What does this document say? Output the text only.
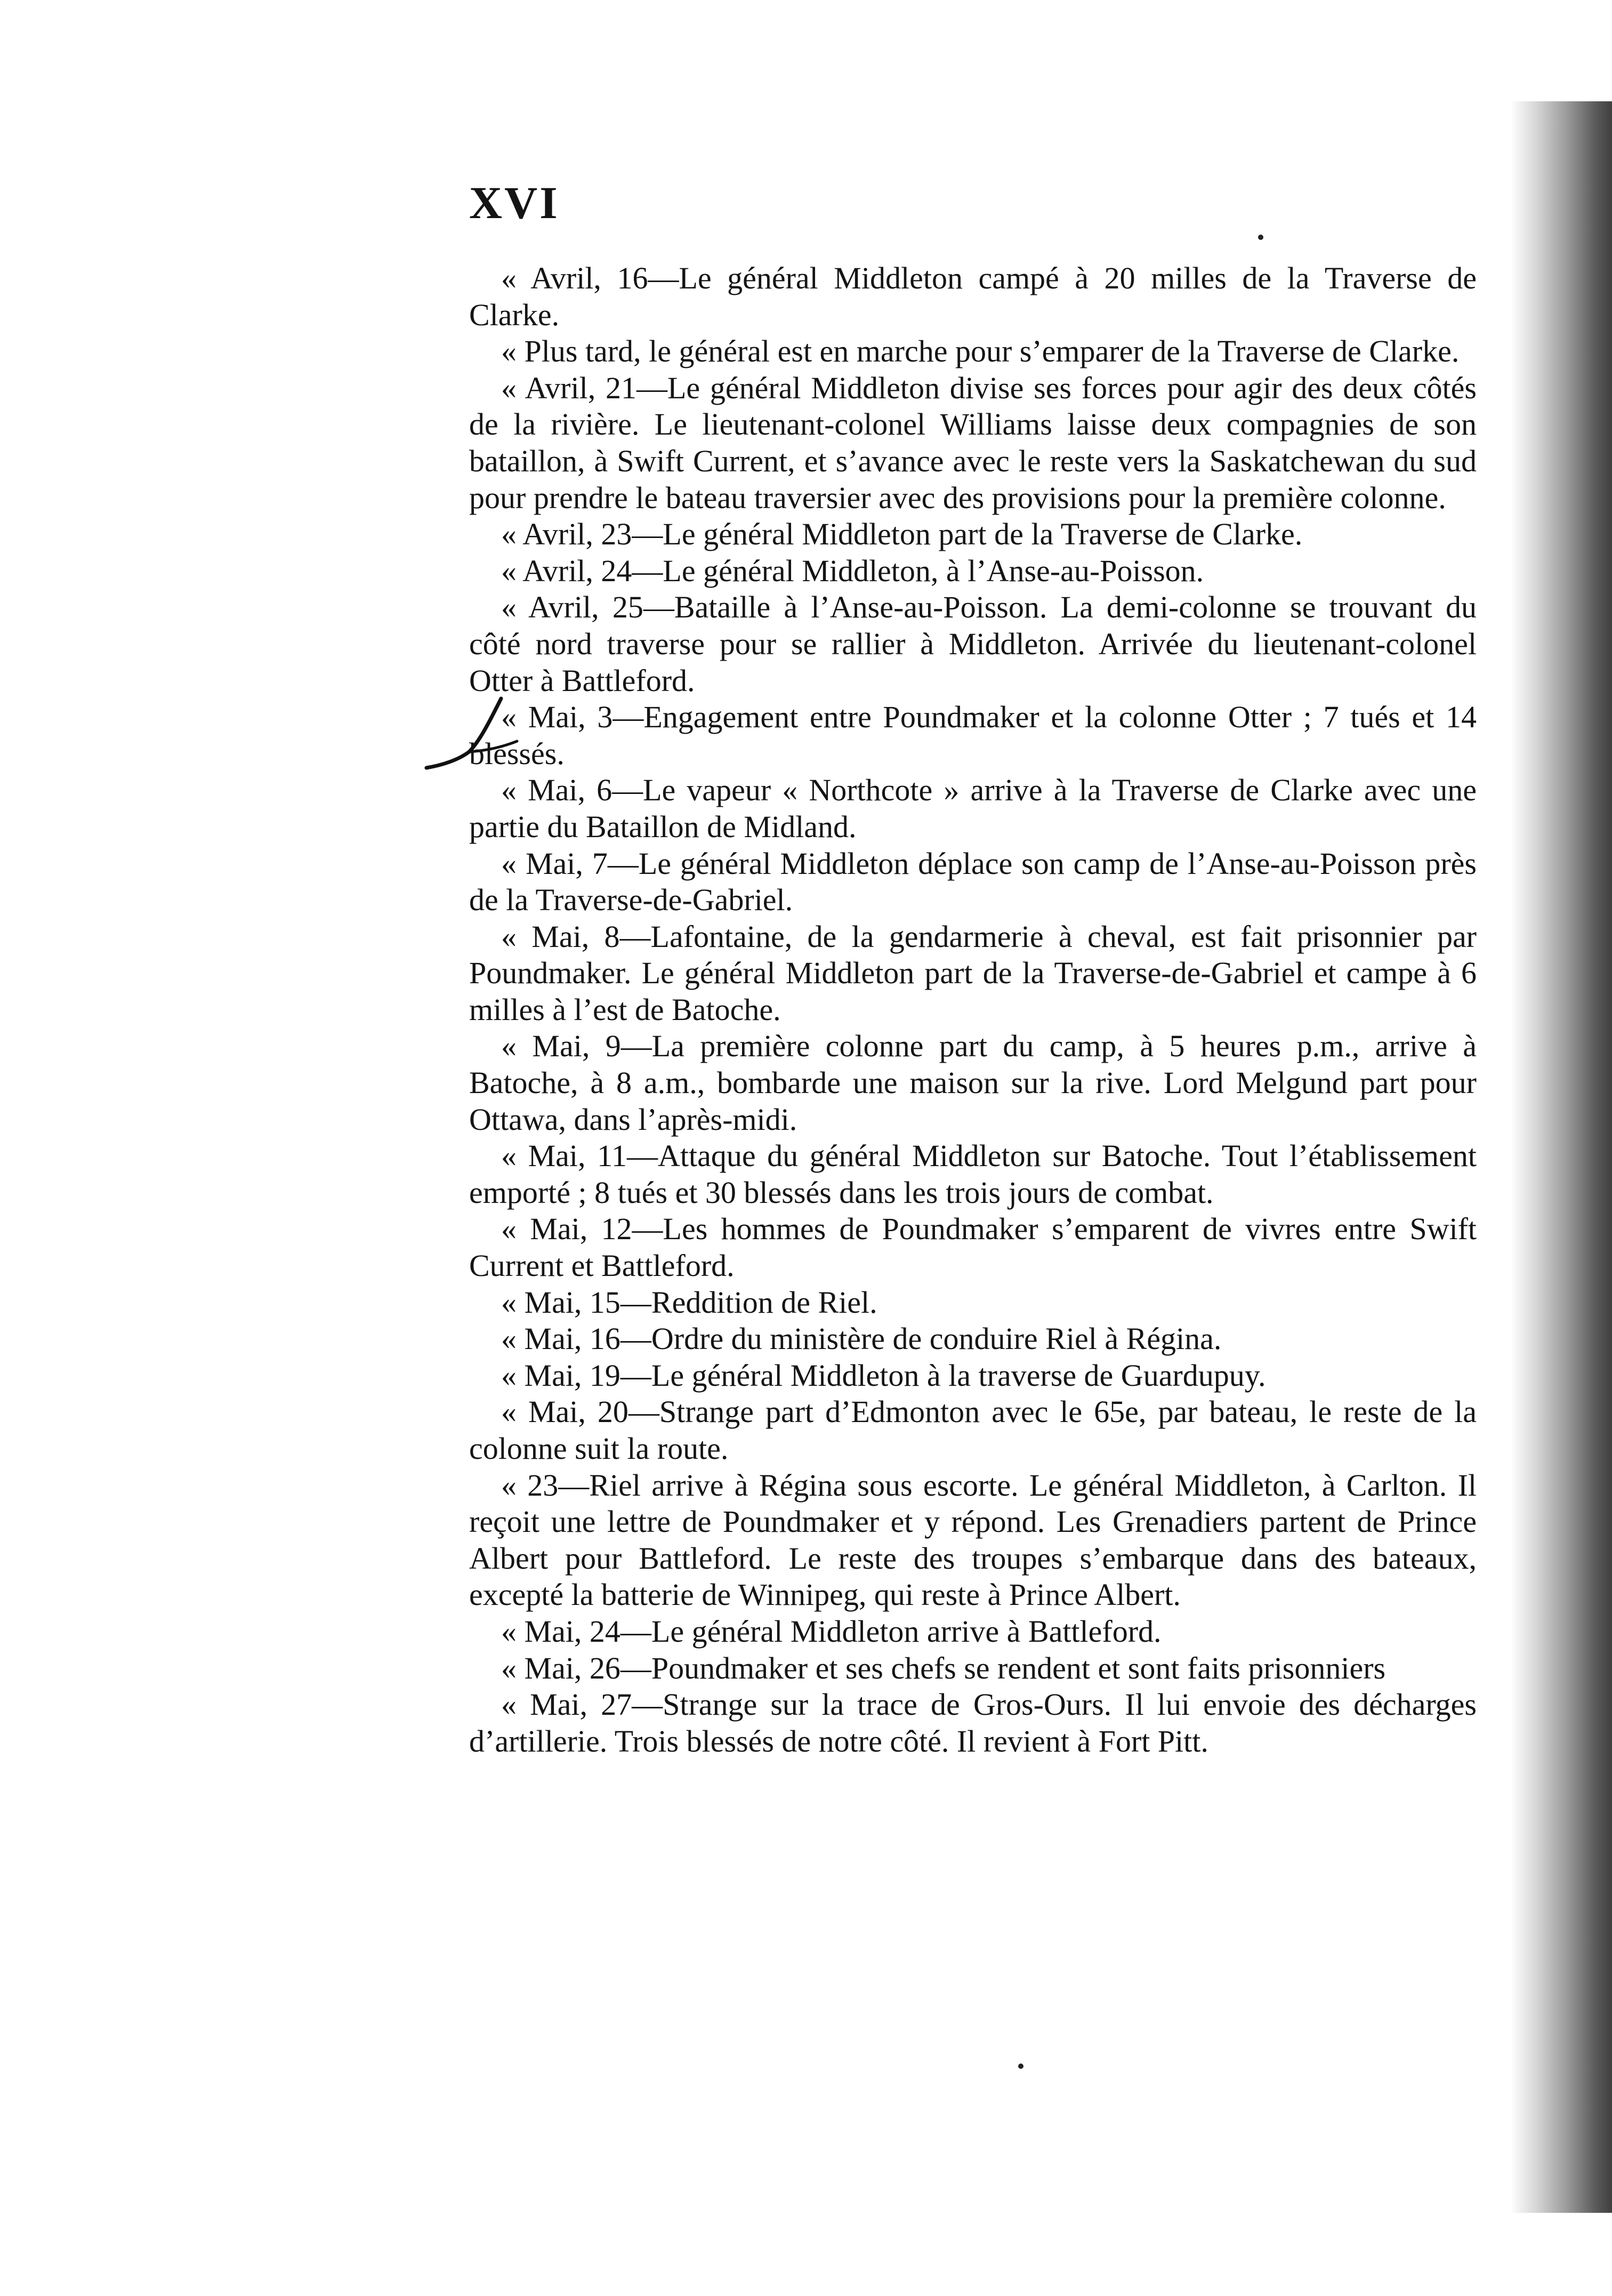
XVI

« Avril, 16—Le général Middleton campé à 20 milles de la Traverse de Clarke.

« Plus tard, le général est en marche pour s’emparer de la Traverse de Clarke.

« Avril, 21—Le général Middleton divise ses forces pour agir des deux côtés de la rivière. Le lieutenant-colonel Williams laisse deux compagnies de son bataillon, à Swift Current, et s’avance avec le reste vers la Saskatchewan du sud pour prendre le bateau traversier avec des provisions pour la première colonne.

« Avril, 23—Le général Middleton part de la Traverse de Clarke.

« Avril, 24—Le général Middleton, à l’Anse-au-Poisson.

« Avril, 25—Bataille à l’Anse-au-Poisson. La demi-colonne se trouvant du côté nord traverse pour se rallier à Middleton. Arrivée du lieutenant-colonel Otter à Battleford.

« Mai, 3—Engagement entre Poundmaker et la colonne Otter ; 7 tués et 14 blessés.

« Mai, 6—Le vapeur « Northcote » arrive à la Traverse de Clarke avec une partie du Bataillon de Midland.

« Mai, 7—Le général Middleton déplace son camp de l’Anse-au-Poisson près de la Traverse-de-Gabriel.

« Mai, 8—Lafontaine, de la gendarmerie à cheval, est fait prisonnier par Poundmaker. Le général Middleton part de la Traverse-de-Gabriel et campe à 6 milles à l’est de Batoche.

« Mai, 9—La première colonne part du camp, à 5 heures p.m., arrive à Batoche, à 8 a.m., bombarde une maison sur la rive. Lord Melgund part pour Ottawa, dans l’après-midi.

« Mai, 11—Attaque du général Middleton sur Batoche. Tout l’établissement emporté ; 8 tués et 30 blessés dans les trois jours de combat.

« Mai, 12—Les hommes de Poundmaker s’emparent de vivres entre Swift Current et Battleford.

« Mai, 15—Reddition de Riel.

« Mai, 16—Ordre du ministère de conduire Riel à Régina.

« Mai, 19—Le général Middleton à la traverse de Guardupuy.

« Mai, 20—Strange part d’Edmonton avec le 65e, par bateau, le reste de la colonne suit la route.

« 23—Riel arrive à Régina sous escorte. Le général Middleton, à Carlton. Il reçoit une lettre de Poundmaker et y répond. Les Grenadiers partent de Prince Albert pour Battleford. Le reste des troupes s’embarque dans des bateaux, excepté la batterie de Winnipeg, qui reste à Prince Albert.

« Mai, 24—Le général Middleton arrive à Battleford.

« Mai, 26—Poundmaker et ses chefs se rendent et sont faits prisonniers

« Mai, 27—Strange sur la trace de Gros-Ours. Il lui envoie des décharges d’artillerie. Trois blessés de notre côté. Il revient à Fort Pitt.
